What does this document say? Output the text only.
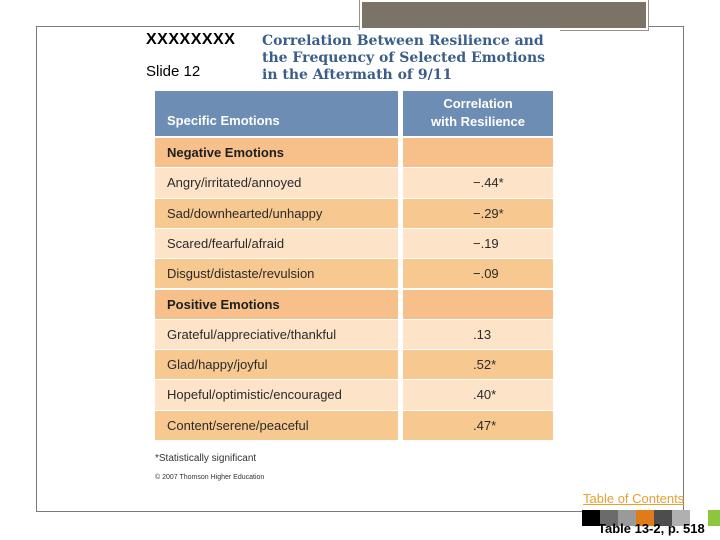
XXXXXXXX
Slide 12
Correlation Between Resilience and
the Frequency of Selected Emotions
in the Aftermath of 9/11
Specific Emotions
Correlation
with Resilience
Negative Emotions
Angry/irritated/annoyed	−.44*
Sad/downhearted/unhappy	−.29*
Scared/fearful/afraid	−.19
Disgust/distaste/revulsion	−.09
Positive Emotions
Grateful/appreciative/thankful	.13
Glad/happy/joyful	.52*
Hopeful/optimistic/encouraged	.40*
Content/serene/peaceful	.47*
*Statistically significant
© 2007 Thomson Higher Education
Table of Contents
Table 13-2, p. 518
